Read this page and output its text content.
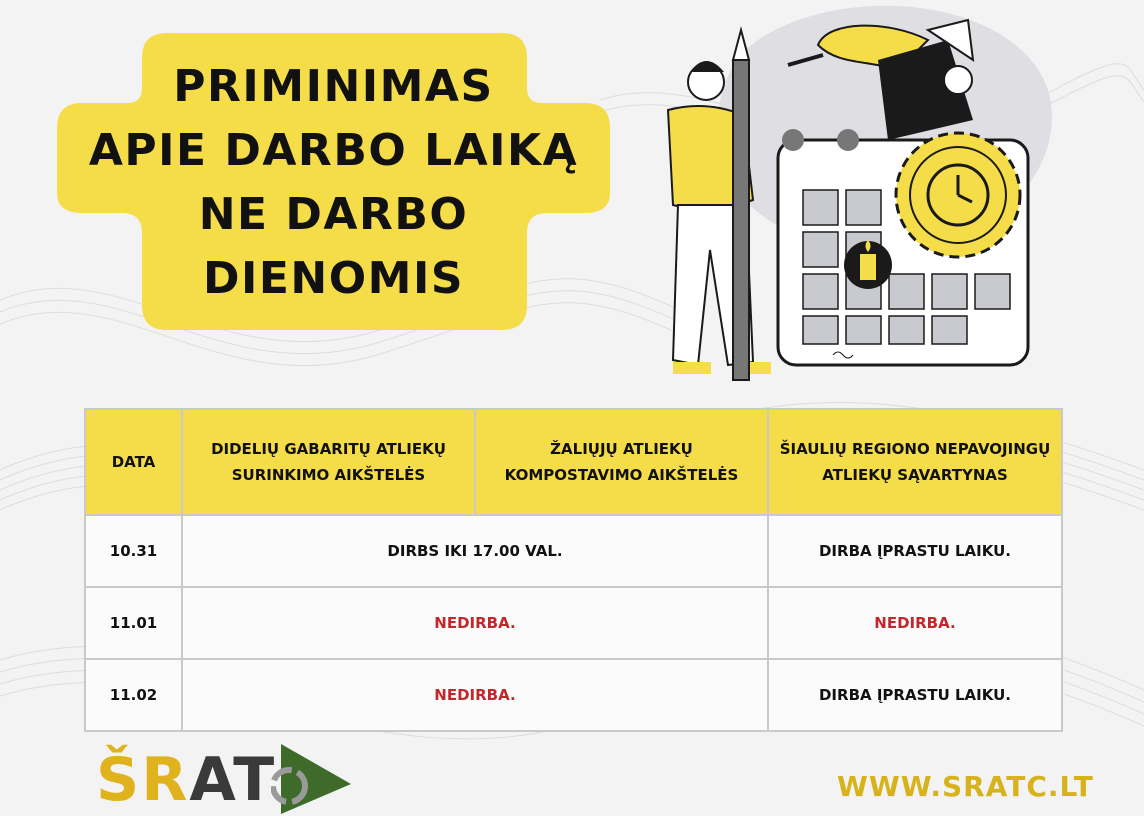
PRIMINIMAS
APIE DARBO LAIKĄ
NE DARBO
DIENOMIS
DATA	DIDELIŲ GABARITŲ ATLIEKŲ SURINKIMO AIKŠTELĖS	ŽALIŲJŲ ATLIEKŲ KOMPOSTAVIMO AIKŠTELĖS	ŠIAULIŲ REGIONO NEPAVOJINGŲ ATLIEKŲ SĄVARTYNAS
10.31	DIRBS IKI 17.00 VAL.		DIRBA ĮPRASTU LAIKU.
11.01	NEDIRBA.		NEDIRBA.
11.02	NEDIRBA.		DIRBA ĮPRASTU LAIKU.
ŠRAT	WWW.SRATC.LT
